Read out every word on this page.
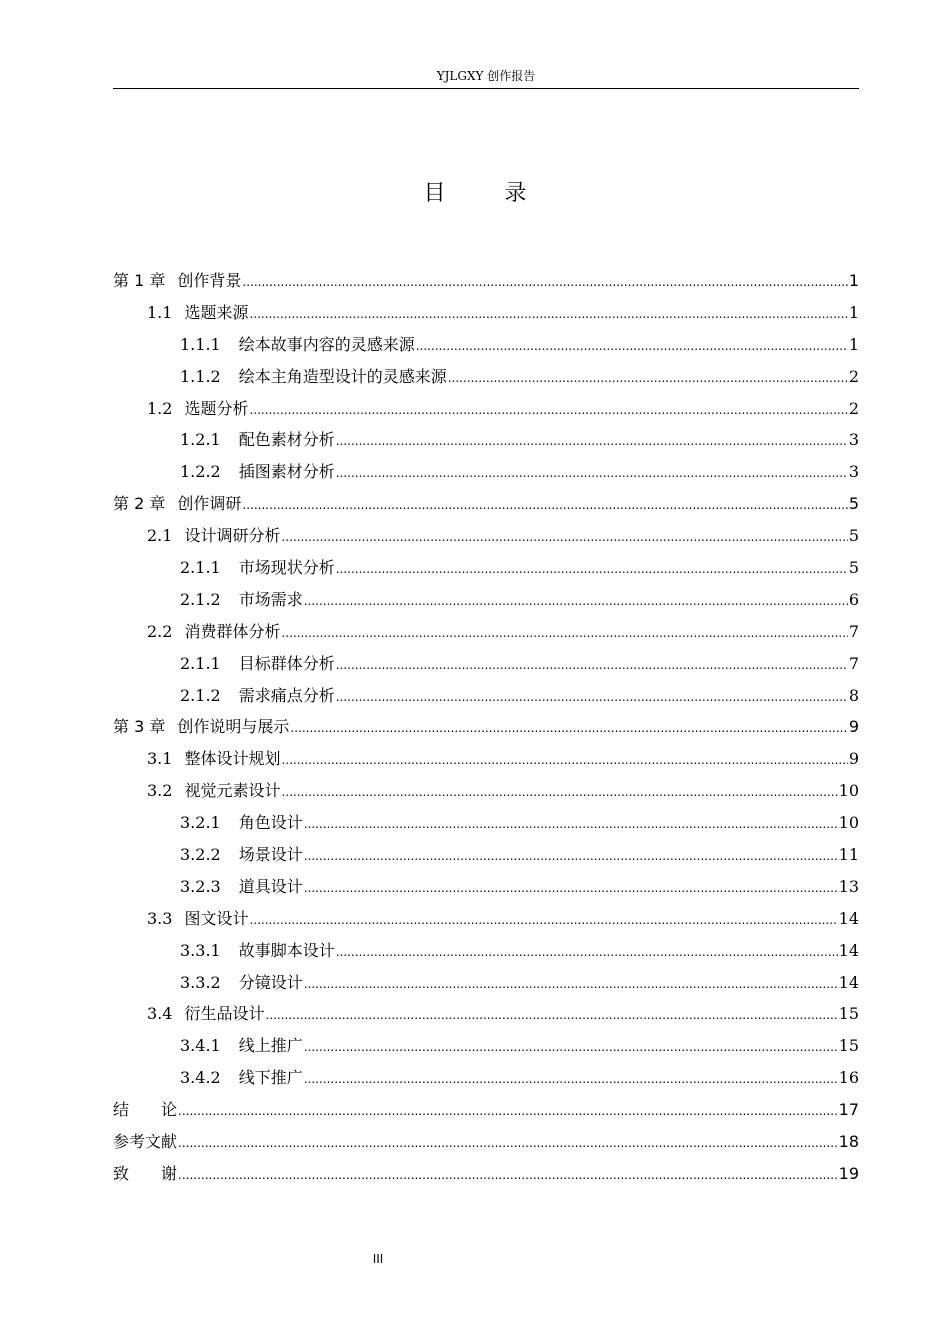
YJLGXY 创作报告
目 录
第 1 章 创作背景 .....	1
1.1 选题来源 .....	1
1.1.1 绘本故事内容的灵感来源 .....	1
1.1.2 绘本主角造型设计的灵感来源 .....	2
1.2 选题分析 .....	2
1.2.1 配色素材分析 .....	3
1.2.2 插图素材分析 .....	3
第 2 章 创作调研 .....	5
2.1 设计调研分析 .....	5
2.1.1 市场现状分析 .....	5
2.1.2 市场需求 .....	6
2.2 消费群体分析 .....	7
2.1.1 目标群体分析 .....	7
2.1.2 需求痛点分析 .....	8
第 3 章 创作说明与展示 .....	9
3.1 整体设计规划 .....	9
3.2 视觉元素设计 .....	10
3.2.1 角色设计 .....	10
3.2.2 场景设计 .....	11
3.2.3 道具设计 .....	13
3.3 图文设计 .....	14
3.3.1 故事脚本设计 .....	14
3.3.2 分镜设计 .....	14
3.4 衍生品设计 .....	15
3.4.1 线上推广 .....	15
3.4.2 线下推广 .....	16
结　　论 .....	17
参考文献 .....	18
致　　谢 .....	19
III
